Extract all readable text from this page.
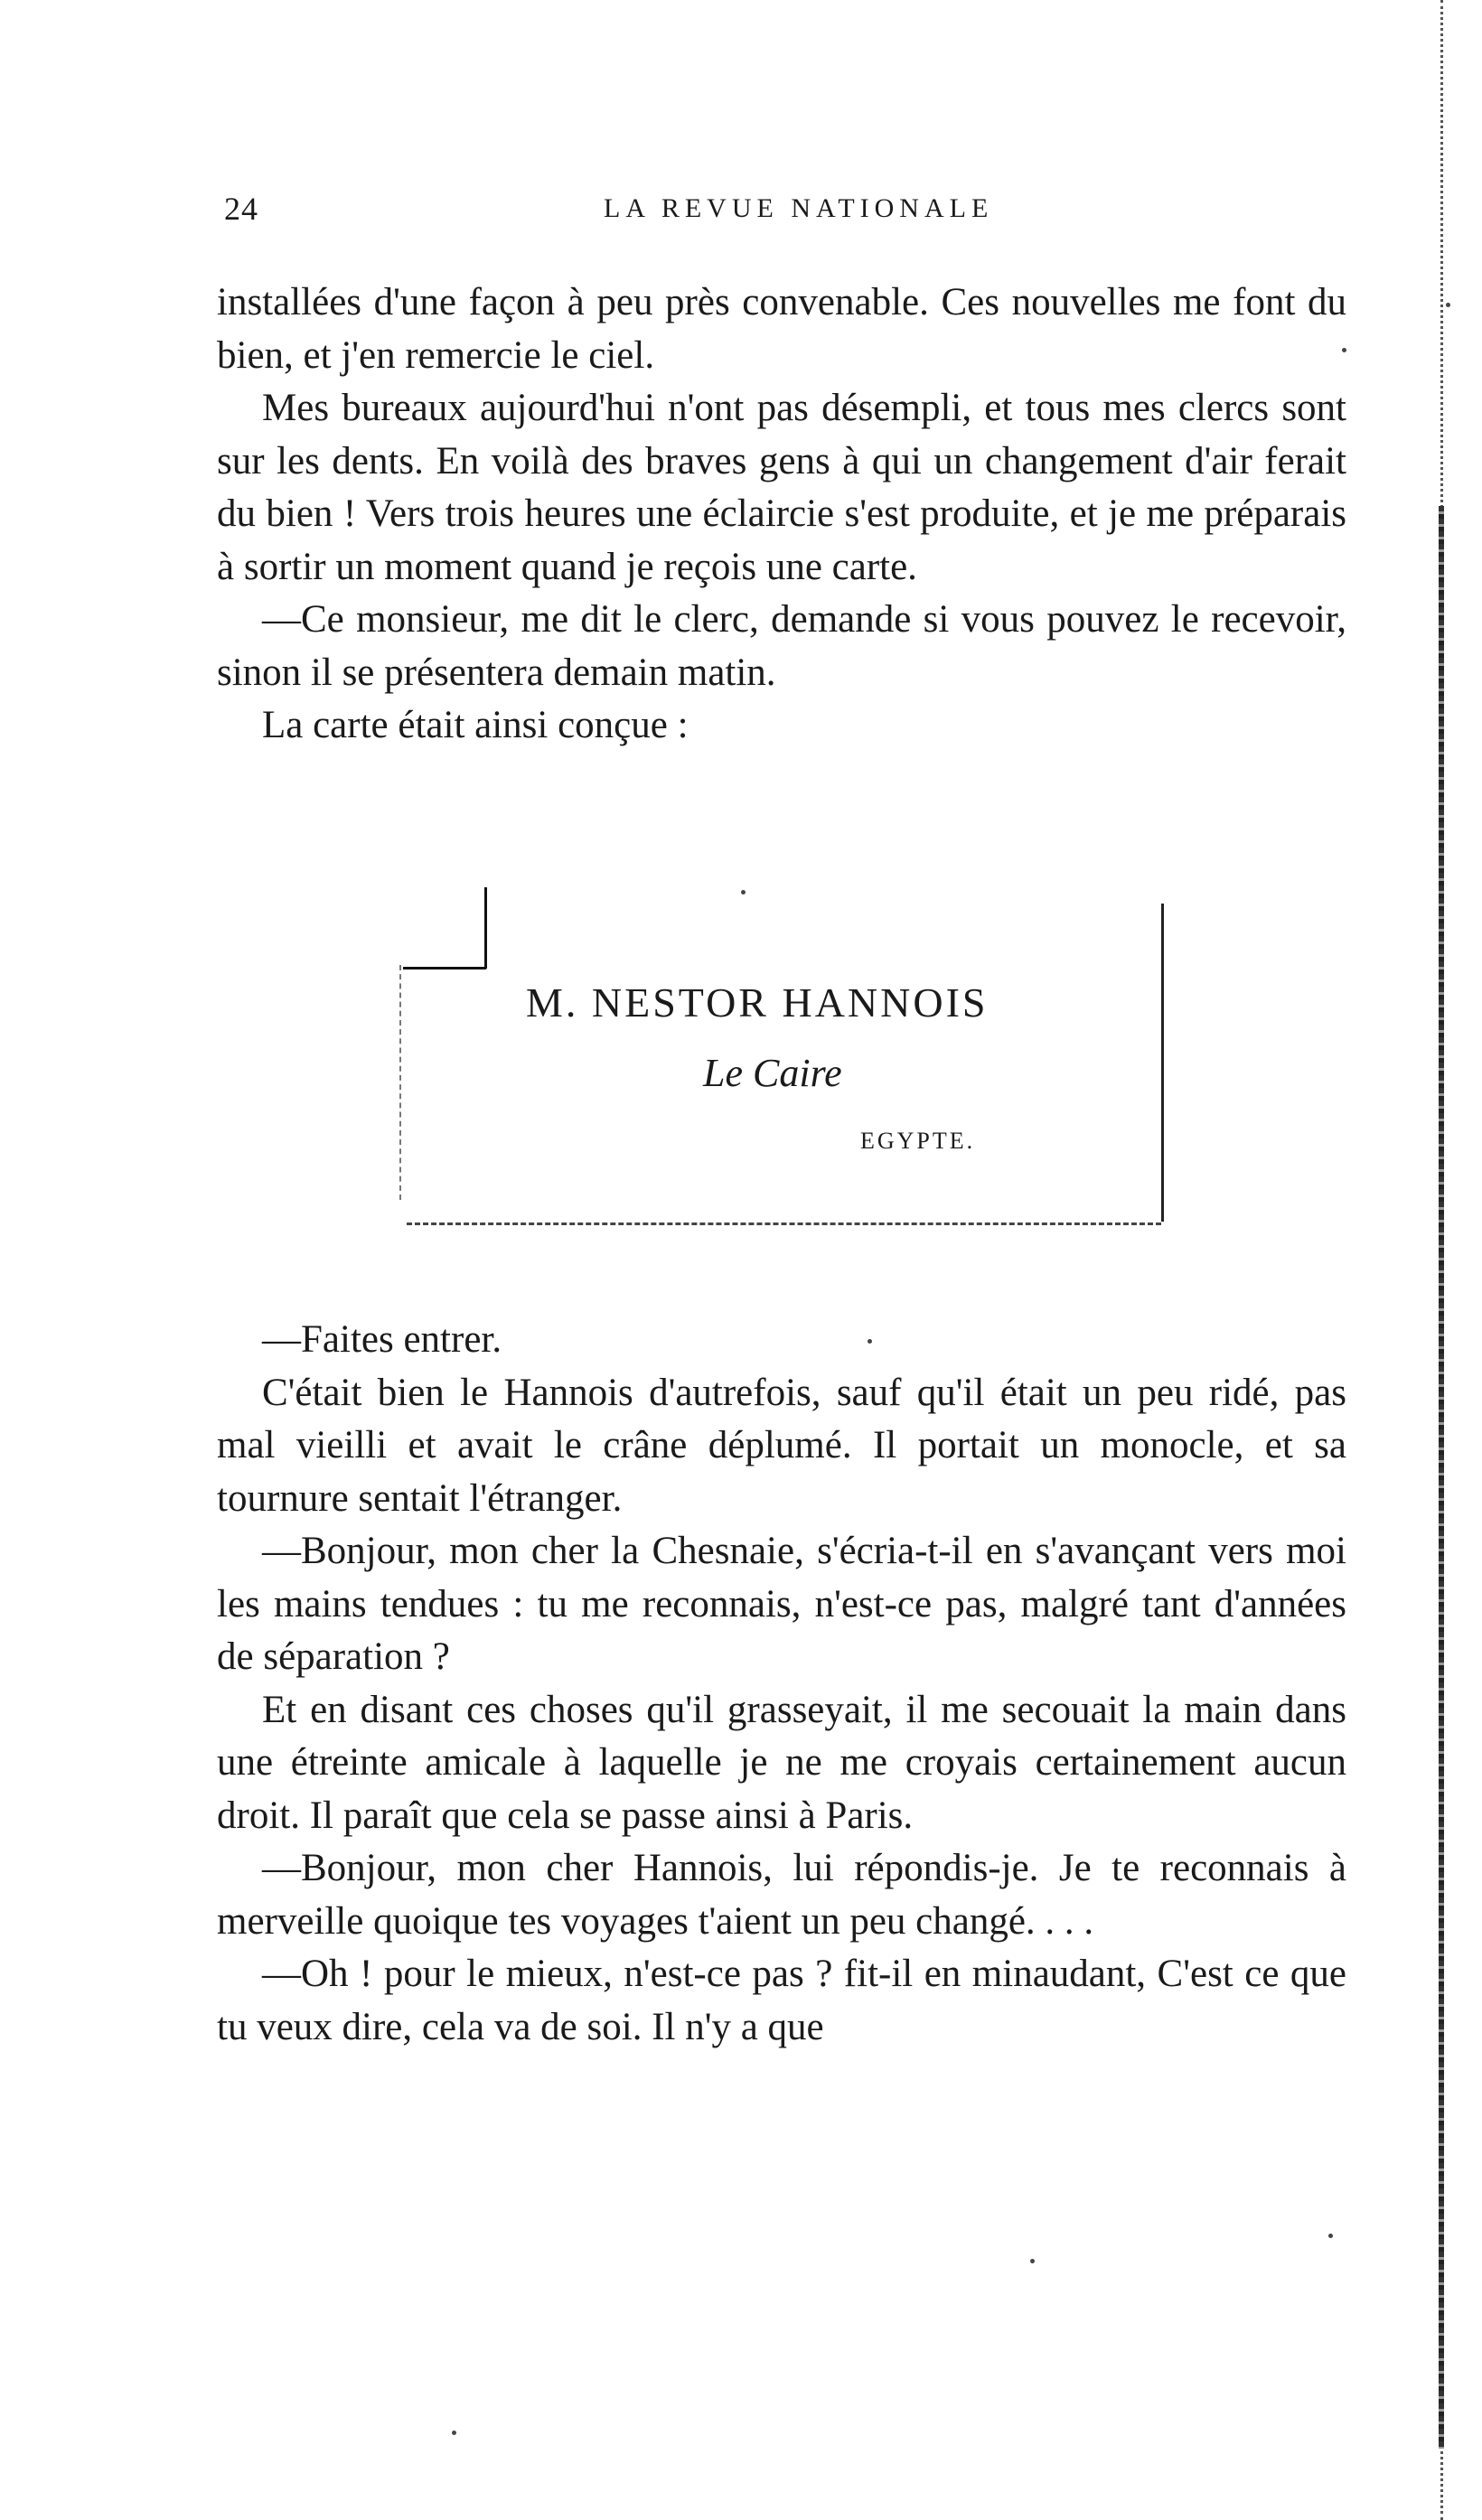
24	LA REVUE NATIONALE

installées d'une façon à peu près convenable. Ces nouvelles me font du bien, et j'en remercie le ciel.

Mes bureaux aujourd'hui n'ont pas désempli, et tous mes clercs sont sur les dents. En voilà des braves gens à qui un changement d'air ferait du bien ! Vers trois heures une éclaircie s'est produite, et je me préparais à sortir un moment quand je reçois une carte.

—Ce monsieur, me dit le clerc, demande si vous pouvez le recevoir, sinon il se présentera demain matin.

La carte était ainsi conçue :

M. NESTOR HANNOIS
Le Caire
EGYPTE.

—Faites entrer.

C'était bien le Hannois d'autrefois, sauf qu'il était un peu ridé, pas mal vieilli et avait le crâne déplumé. Il portait un monocle, et sa tournure sentait l'étranger.

—Bonjour, mon cher la Chesnaie, s'écria-t-il en s'avançant vers moi les mains tendues : tu me reconnais, n'est-ce pas, malgré tant d'années de séparation ?

Et en disant ces choses qu'il grasseyait, il me secouait la main dans une étreinte amicale à laquelle je ne me croyais certainement aucun droit. Il paraît que cela se passe ainsi à Paris.

—Bonjour, mon cher Hannois, lui répondis-je. Je te reconnais à merveille quoique tes voyages t'aient un peu changé. . . .

—Oh ! pour le mieux, n'est-ce pas ? fit-il en minaudant, C'est ce que tu veux dire, cela va de soi. Il n'y a que
